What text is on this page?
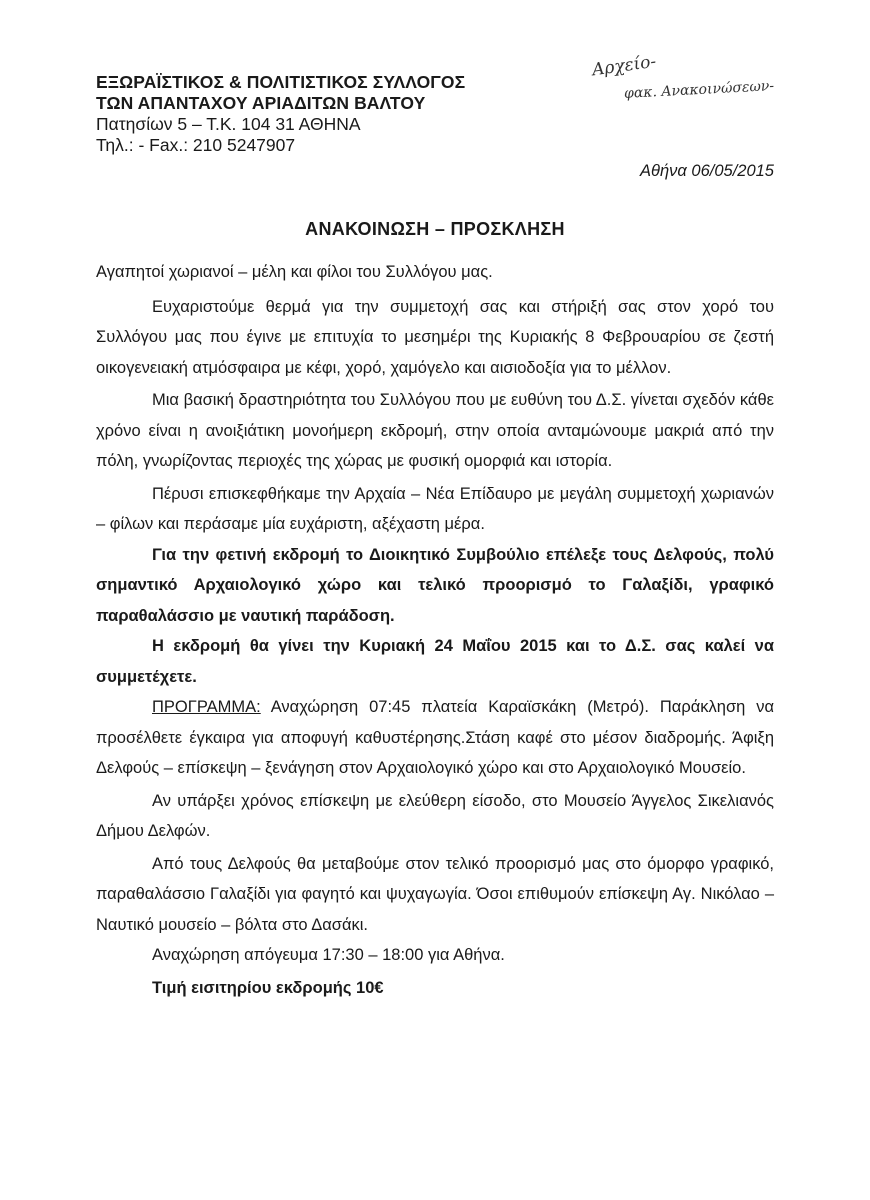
ΕΞΩΡΑΪΣΤΙΚΟΣ & ΠΟΛΙΤΙΣΤΙΚΟΣ ΣΥΛΛΟΓΟΣ
ΤΩΝ ΑΠΑΝΤΑΧΟΥ ΑΡΙΑΔΙΤΩΝ ΒΑΛΤΟΥ
Πατησίων 5 – Τ.Κ. 104 31 ΑΘΗΝΑ
Τηλ.: - Fax.: 210 5247907
Αρχείο-
φακ. Ανακοινώσεων-
Αθήνα 06/05/2015
ΑΝΑΚΟΙΝΩΣΗ – ΠΡΟΣΚΛΗΣΗ

Αγαπητοί χωριανοί – μέλη και φίλοι του Συλλόγου μας.

Ευχαριστούμε θερμά για την συμμετοχή σας και στήριξή σας στον χορό του Συλλόγου μας που έγινε με επιτυχία το μεσημέρι της Κυριακής 8 Φεβρουαρίου σε ζεστή οικογενειακή ατμόσφαιρα με κέφι, χορό, χαμόγελο και αισιοδοξία για το μέλλον.

Μια βασική δραστηριότητα του Συλλόγου που με ευθύνη του Δ.Σ. γίνεται σχεδόν κάθε χρόνο είναι η ανοιξιάτικη μονοήμερη εκδρομή, στην οποία ανταμώνουμε μακριά από την πόλη, γνωρίζοντας περιοχές της χώρας με φυσική ομορφιά και ιστορία.

Πέρυσι επισκεφθήκαμε την Αρχαία – Νέα Επίδαυρο με μεγάλη συμμετοχή χωριανών – φίλων και περάσαμε μία ευχάριστη, αξέχαστη μέρα.

Για την φετινή εκδρομή το Διοικητικό Συμβούλιο επέλεξε τους Δελφούς, πολύ σημαντικό Αρχαιολογικό χώρο και τελικό προορισμό το Γαλαξίδι, γραφικό παραθαλάσσιο με ναυτική παράδοση.

Η εκδρομή θα γίνει την Κυριακή 24 Μαΐου 2015 και το Δ.Σ. σας καλεί να συμμετέχετε.

ΠΡΟΓΡΑΜΜΑ: Αναχώρηση 07:45 πλατεία Καραϊσκάκη (Μετρό). Παράκληση να προσέλθετε έγκαιρα για αποφυγή καθυστέρησης.Στάση καφέ στο μέσον διαδρομής. Άφιξη Δελφούς – επίσκεψη – ξενάγηση στον Αρχαιολογικό χώρο και στο Αρχαιολογικό Μουσείο.

Αν υπάρξει χρόνος επίσκεψη με ελεύθερη είσοδο, στο Μουσείο Άγγελος Σικελιανός Δήμου Δελφών.

Από τους Δελφούς θα μεταβούμε στον τελικό προορισμό μας στο όμορφο γραφικό, παραθαλάσσιο Γαλαξίδι για φαγητό και ψυχαγωγία. Όσοι επιθυμούν επίσκεψη Αγ. Νικόλαο – Ναυτικό μουσείο – βόλτα στο Δασάκι.

Αναχώρηση απόγευμα 17:30 – 18:00 για Αθήνα.

Τιμή εισιτηρίου εκδρομής 10€
